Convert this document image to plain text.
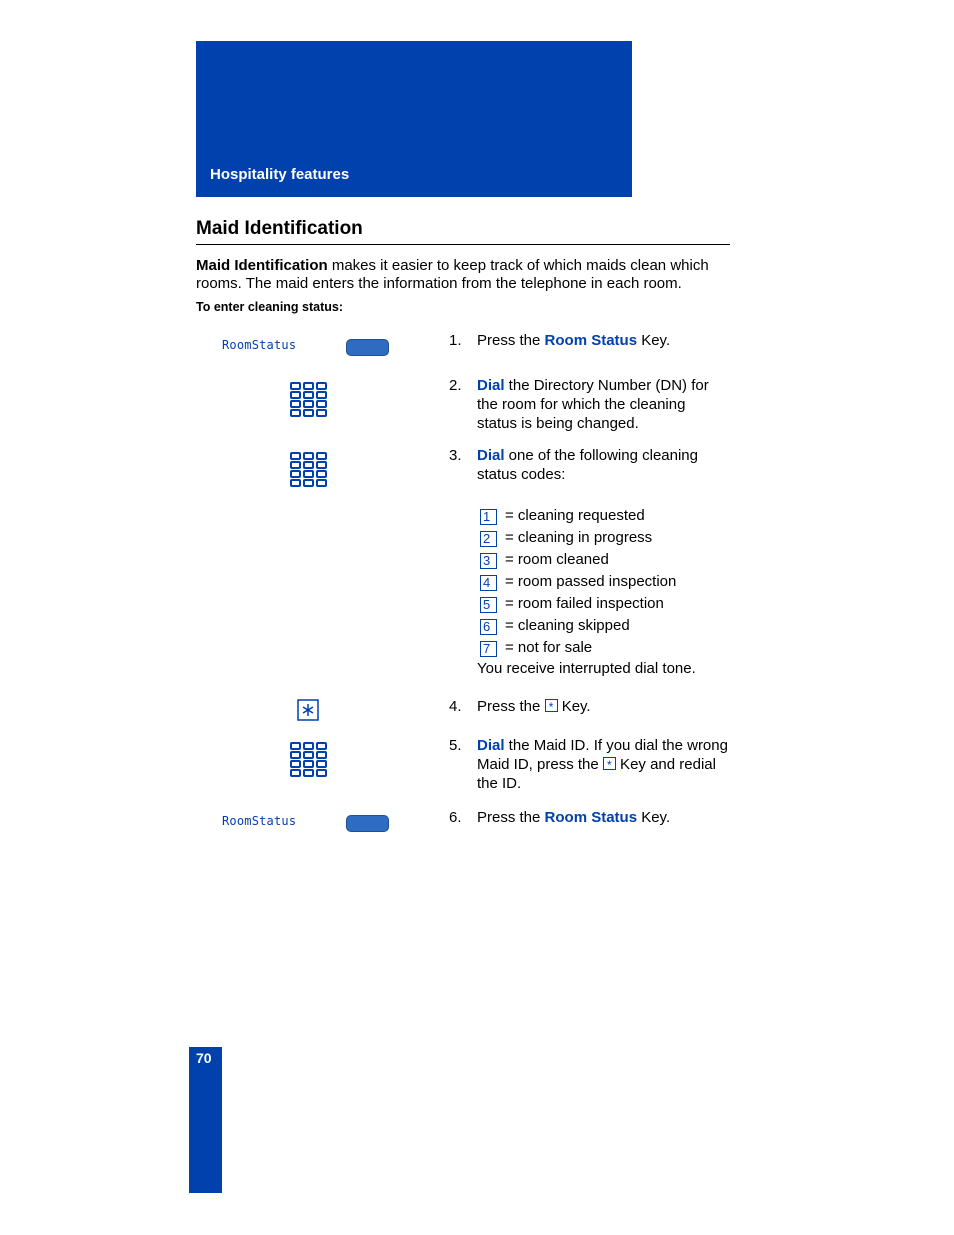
Hospitality features
Maid Identification
Maid Identification makes it easier to keep track of which maids clean which rooms. The maid enters the information from the telephone in each room.
To enter cleaning status:
RoomStatus
RoomStatus
1. Press the Room Status Key.
2. Dial the Directory Number (DN) for the room for which the cleaning status is being changed.
3. Dial one of the following cleaning status codes:
1 = cleaning requested
2 = cleaning in progress
3 = room cleaned
4 = room passed inspection
5 = room failed inspection
6 = cleaning skipped
7 = not for sale
You receive interrupted dial tone.
4. Press the * Key.
5. Dial the Maid ID. If you dial the wrong Maid ID, press the * Key and redial the ID.
6. Press the Room Status Key.
70
